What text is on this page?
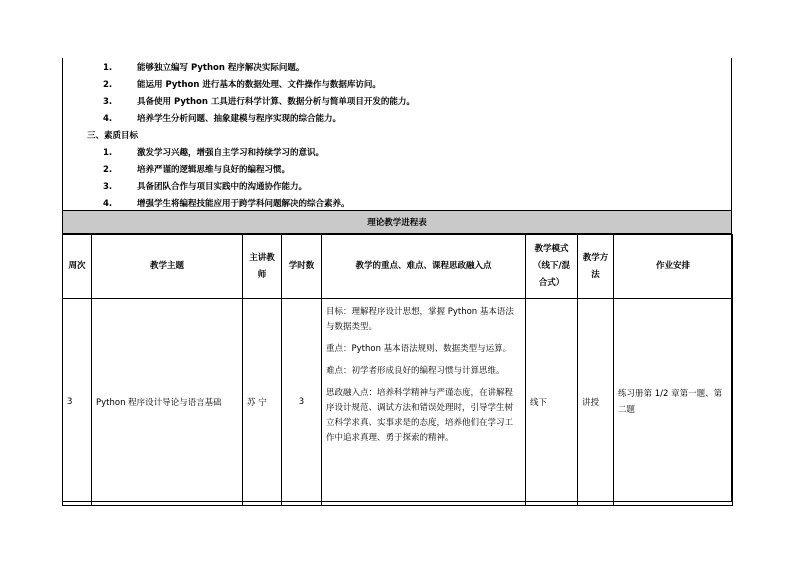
1.	能够独立编写 Python 程序解决实际问题。
2.	能运用 Python 进行基本的数据处理、文件操作与数据库访问。
3.	具备使用 Python 工具进行科学计算、数据分析与简单项目开发的能力。
4.	培养学生分析问题、抽象建模与程序实现的综合能力。
三、素质目标
1.	激发学习兴趣，增强自主学习和持续学习的意识。
2.	培养严谨的逻辑思维与良好的编程习惯。
3.	具备团队合作与项目实践中的沟通协作能力。
4.	增强学生将编程技能应用于跨学科问题解决的综合素养。
理论教学进程表
周次	教学主题	主讲教师	学时数	教学的重点、难点、课程思政融入点	教学模式（线下/混合式）	教学方法	作业安排
3	Python 程序设计导论与语言基础	苏 宁	3	目标：理解程序设计思想，掌握 Python 基本语法与数据类型。

重点：Python 基本语法规则、数据类型与运算。

难点：初学者形成良好的编程习惯与计算思维。

思政融入点：培养科学精神与严谨态度，在讲解程序设计规范、调试方法和错误处理时，引导学生树立科学求真、实事求是的态度，培养他们在学习工作中追求真理、勇于探索的精神。	线下	讲授	练习册第 1/2 章第一题、第二题
